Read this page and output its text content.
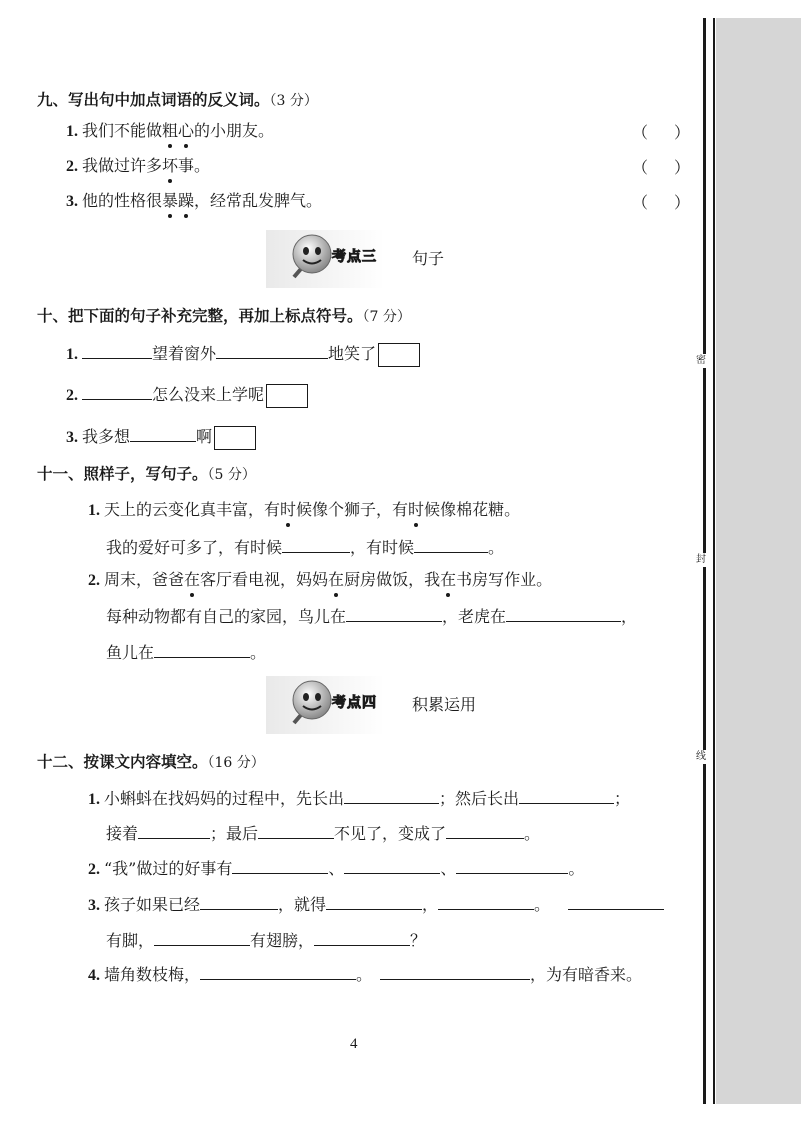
密
封
线
九、写出句中加点词语的反义词。（3 分）
1. 我们不能做粗心的小朋友。	（ ）
2. 我做过许多坏事。	（ ）
3. 他的性格很暴躁，经常乱发脾气。	（ ）
考点三 句子
十、把下面的句子补充完整，再加上标点符号。（7 分）
1.	望着窗外	地笑了
2.	怎么没来上学呢
3. 我多想	啊
十一、照样子，写句子。（5 分）
1. 天上的云变化真丰富，有时候像个狮子，有时候像棉花糖。
我的爱好可多了，有时候	，有时候	。
2. 周末，爸爸在客厅看电视，妈妈在厨房做饭，我在书房写作业。
每种动物都有自己的家园，鸟儿在	，老虎在	，
鱼儿在	。
考点四 积累运用
十二、按课文内容填空。（16 分）
1. 小蝌蚪在找妈妈的过程中，先长出	；然后长出	；
接着	；最后	不见了，变成了	。
2. “我”做过的好事有	、	、	。
3. 孩子如果已经	，就得	，	。
有脚，	有翅膀，	？
4. 墙角数枝梅，	。	，为有暗香来。
4
